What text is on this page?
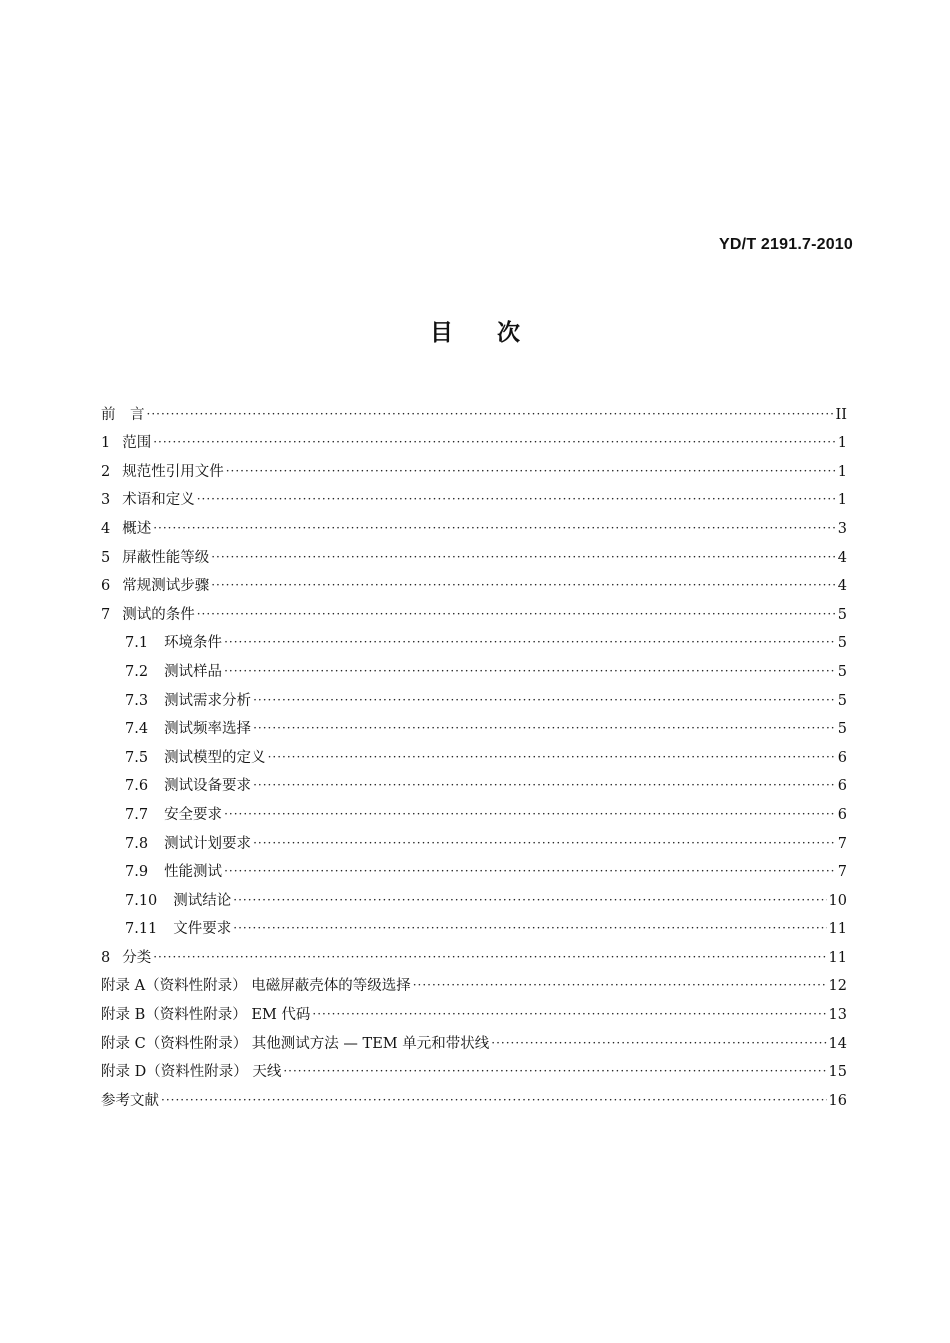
YD/T 2191.7-2010
目次
前　言 ·····	II
1 范围 ·····	1
2 规范性引用文件 ·····	1
3 术语和定义 ·····	1
4 概述 ·····	3
5 屏蔽性能等级 ·····	4
6 常规测试步骤 ·····	4
7 测试的条件 ·····	5
7.1 环境条件 ·····	5
7.2 测试样品 ·····	5
7.3 测试需求分析 ·····	5
7.4 测试频率选择 ·····	5
7.5 测试模型的定义 ·····	6
7.6 测试设备要求 ·····	6
7.7 安全要求 ·····	6
7.8 测试计划要求 ·····	7
7.9 性能测试 ·····	7
7.10 测试结论 ·····	10
7.11 文件要求 ·····	11
8 分类 ·····	11
附录 A（资料性附录） 电磁屏蔽壳体的等级选择 ·····	12
附录 B（资料性附录） EM 代码 ·····	13
附录 C（资料性附录） 其他测试方法 — TEM 单元和带状线 ·····	14
附录 D（资料性附录） 天线 ·····	15
参考文献 ·····	16
